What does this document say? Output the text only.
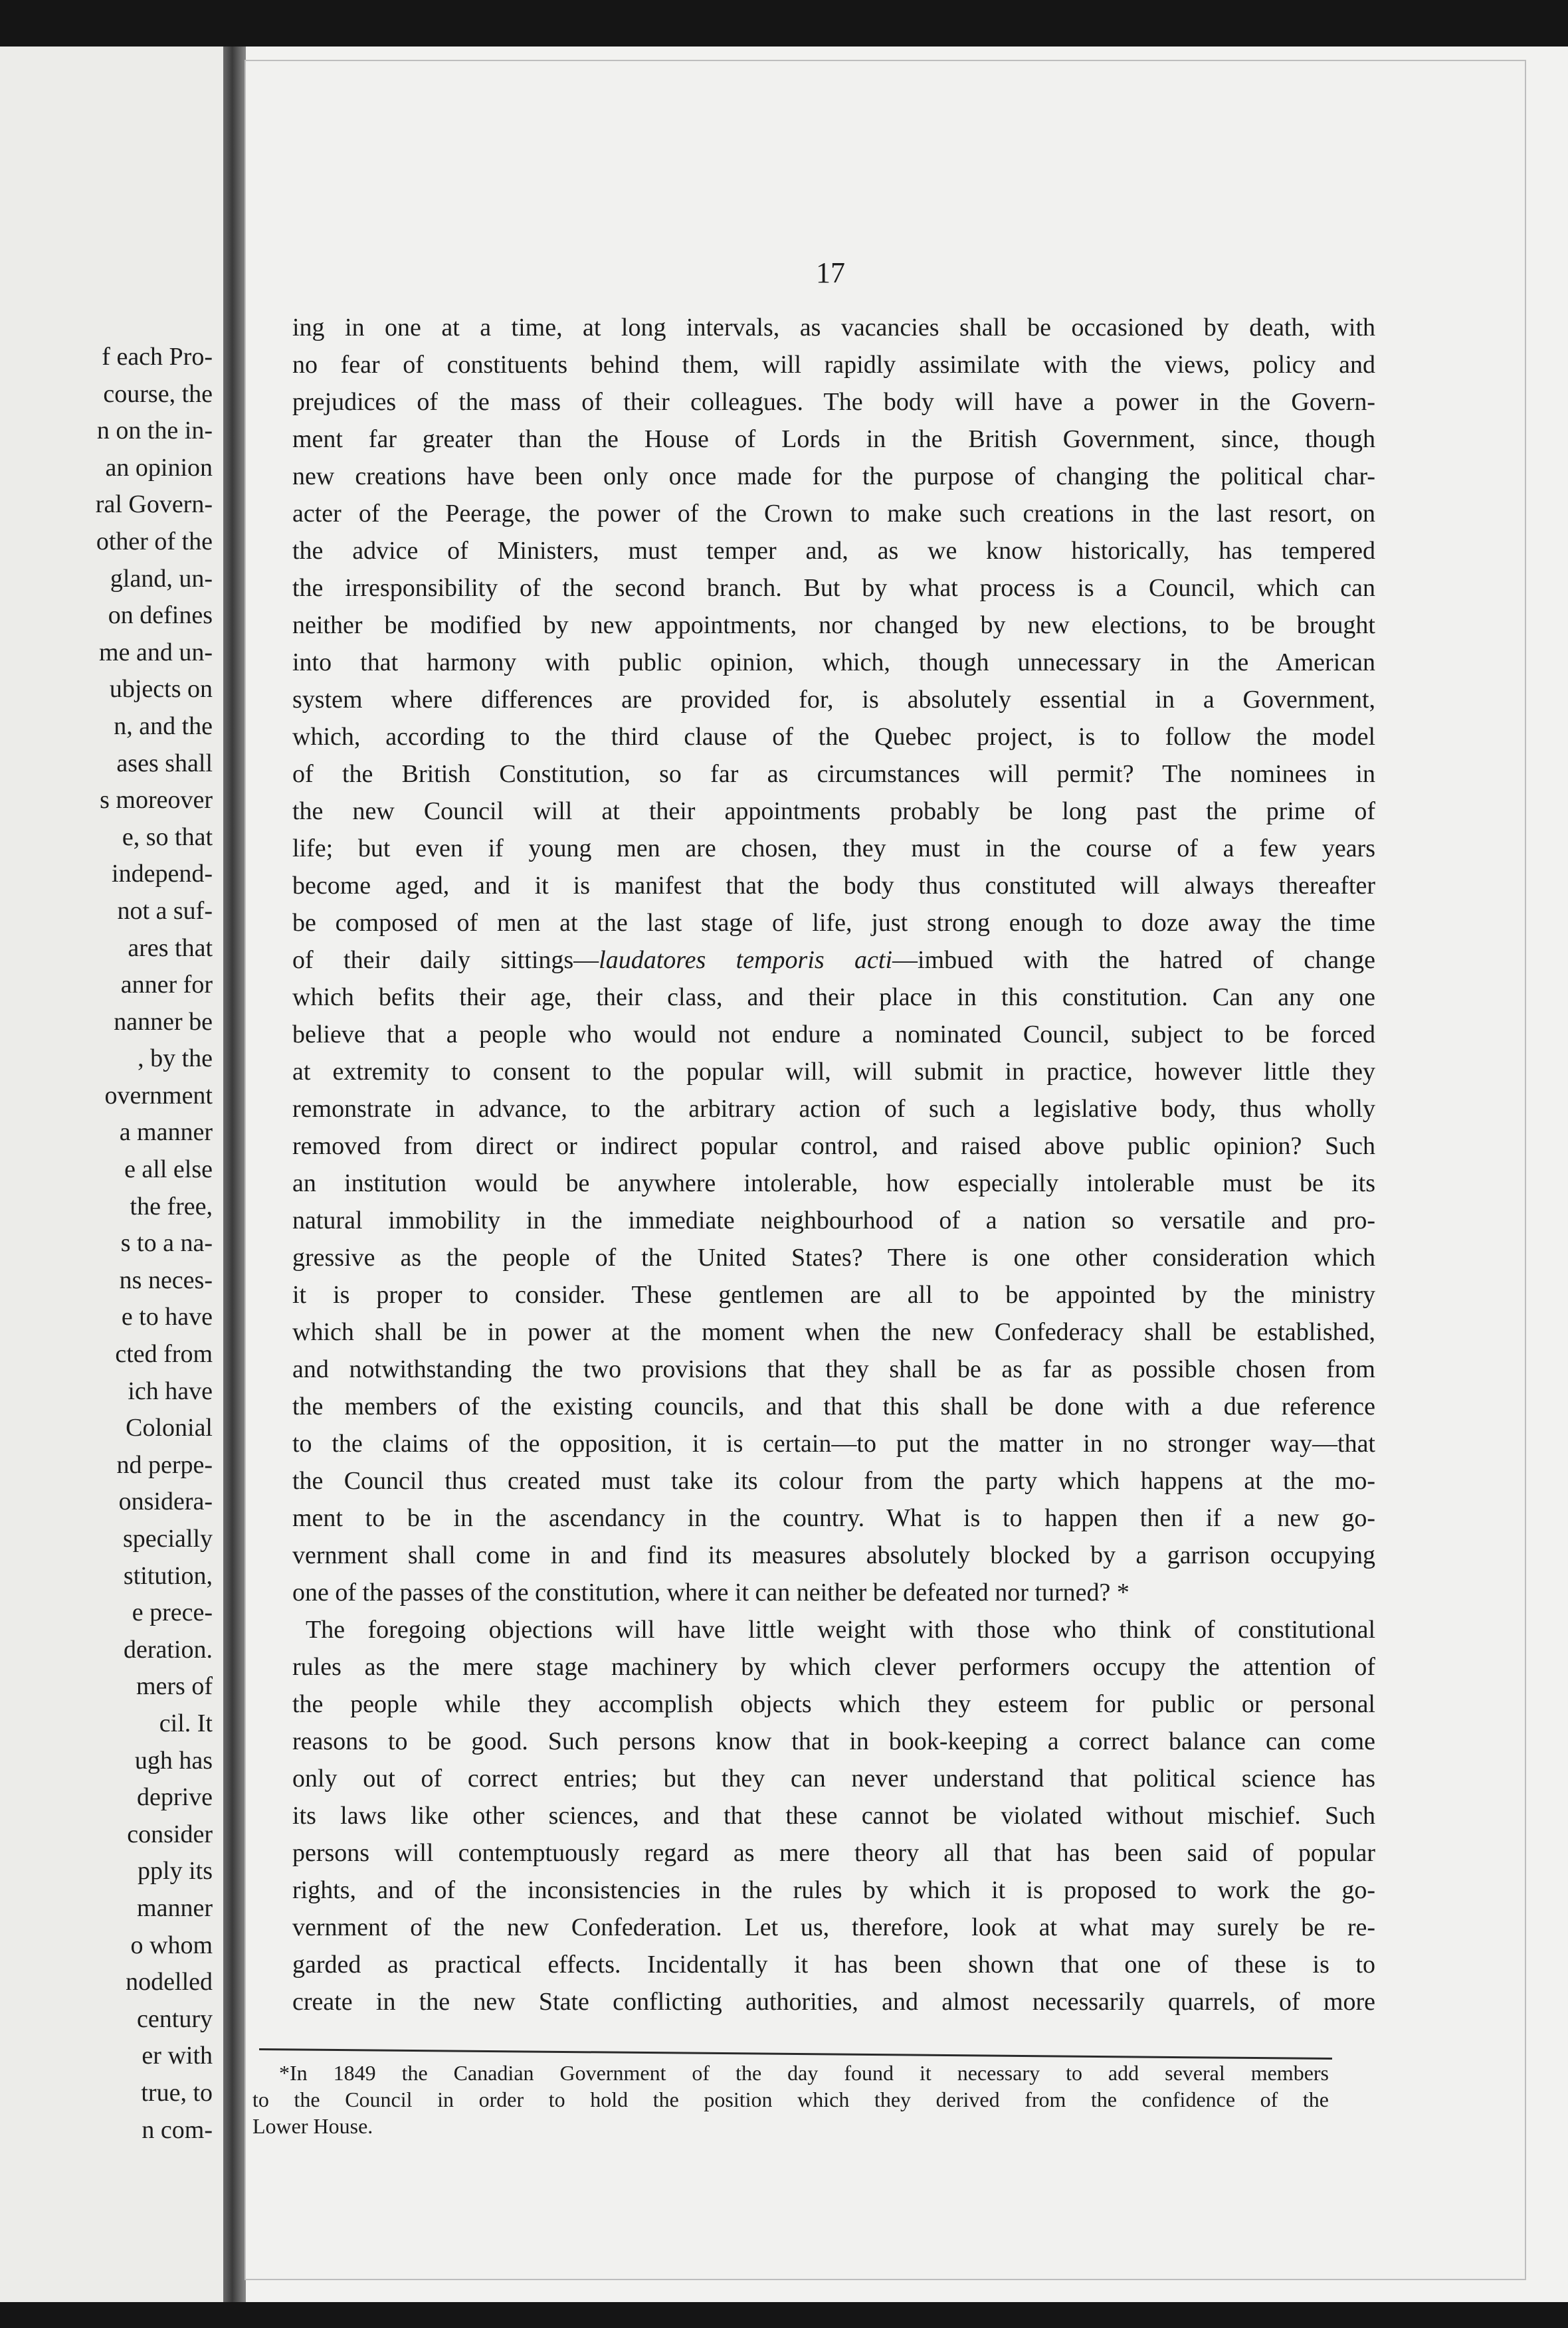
f each Pro-
course, the
n on the in-
an opinion
ral Govern-
other of the
gland, un-
on defines
me and un-
ubjects on
n, and the
ases shall
s moreover
e, so that
independ-
not a suf-
ares that
anner for
nanner be
, by the
overnment
a manner
e all else
the free,
s to a na-
ns neces-
e to have
cted from
ich have
Colonial
nd perpe-
onsidera-
specially
stitution,
e prece-
deration.
mers of
cil. It
ugh has
deprive
consider
pply its
manner
o whom
nodelled
century
er with
true, to
n com-
17
ing in one at a time, at long intervals, as vacancies shall be occasioned by death, with
no fear of constituents behind them, will rapidly assimilate with the views, policy and
prejudices of the mass of their colleagues. The body will have a power in the Govern-
ment far greater than the House of Lords in the British Government, since, though
new creations have been only once made for the purpose of changing the political char-
acter of the Peerage, the power of the Crown to make such creations in the last resort, on
the advice of Ministers, must temper and, as we know historically, has tempered
the irresponsibility of the second branch. But by what process is a Council, which can
neither be modified by new appointments, nor changed by new elections, to be brought
into that harmony with public opinion, which, though unnecessary in the American
system where differences are provided for, is absolutely essential in a Government,
which, according to the third clause of the Quebec project, is to follow the model
of the British Constitution, so far as circumstances will permit? The nominees in
the new Council will at their appointments probably be long past the prime of
life; but even if young men are chosen, they must in the course of a few years
become aged, and it is manifest that the body thus constituted will always thereafter
be composed of men at the last stage of life, just strong enough to doze away the time
of their daily sittings—laudatores temporis acti—imbued with the hatred of change
which befits their age, their class, and their place in this constitution. Can any one
believe that a people who would not endure a nominated Council, subject to be forced
at extremity to consent to the popular will, will submit in practice, however little they
remonstrate in advance, to the arbitrary action of such a legislative body, thus wholly
removed from direct or indirect popular control, and raised above public opinion? Such
an institution would be anywhere intolerable, how especially intolerable must be its
natural immobility in the immediate neighbourhood of a nation so versatile and pro-
gressive as the people of the United States? There is one other consideration which
it is proper to consider. These gentlemen are all to be appointed by the ministry
which shall be in power at the moment when the new Confederacy shall be established,
and notwithstanding the two provisions that they shall be as far as possible chosen from
the members of the existing councils, and that this shall be done with a due reference
to the claims of the opposition, it is certain—to put the matter in no stronger way—that
the Council thus created must take its colour from the party which happens at the mo-
ment to be in the ascendancy in the country. What is to happen then if a new go-
vernment shall come in and find its measures absolutely blocked by a garrison occupying
one of the passes of the constitution, where it can neither be defeated nor turned? *
The foregoing objections will have little weight with those who think of constitutional
rules as the mere stage machinery by which clever performers occupy the attention of
the people while they accomplish objects which they esteem for public or personal
reasons to be good. Such persons know that in book-keeping a correct balance can come
only out of correct entries; but they can never understand that political science has
its laws like other sciences, and that these cannot be violated without mischief. Such
persons will contemptuously regard as mere theory all that has been said of popular
rights, and of the inconsistencies in the rules by which it is proposed to work the go-
vernment of the new Confederation. Let us, therefore, look at what may surely be re-
garded as practical effects. Incidentally it has been shown that one of these is to
create in the new State conflicting authorities, and almost necessarily quarrels, of more
*In 1849 the Canadian Government of the day found it necessary to add several members
to the Council in order to hold the position which they derived from the confidence of the
Lower House.
